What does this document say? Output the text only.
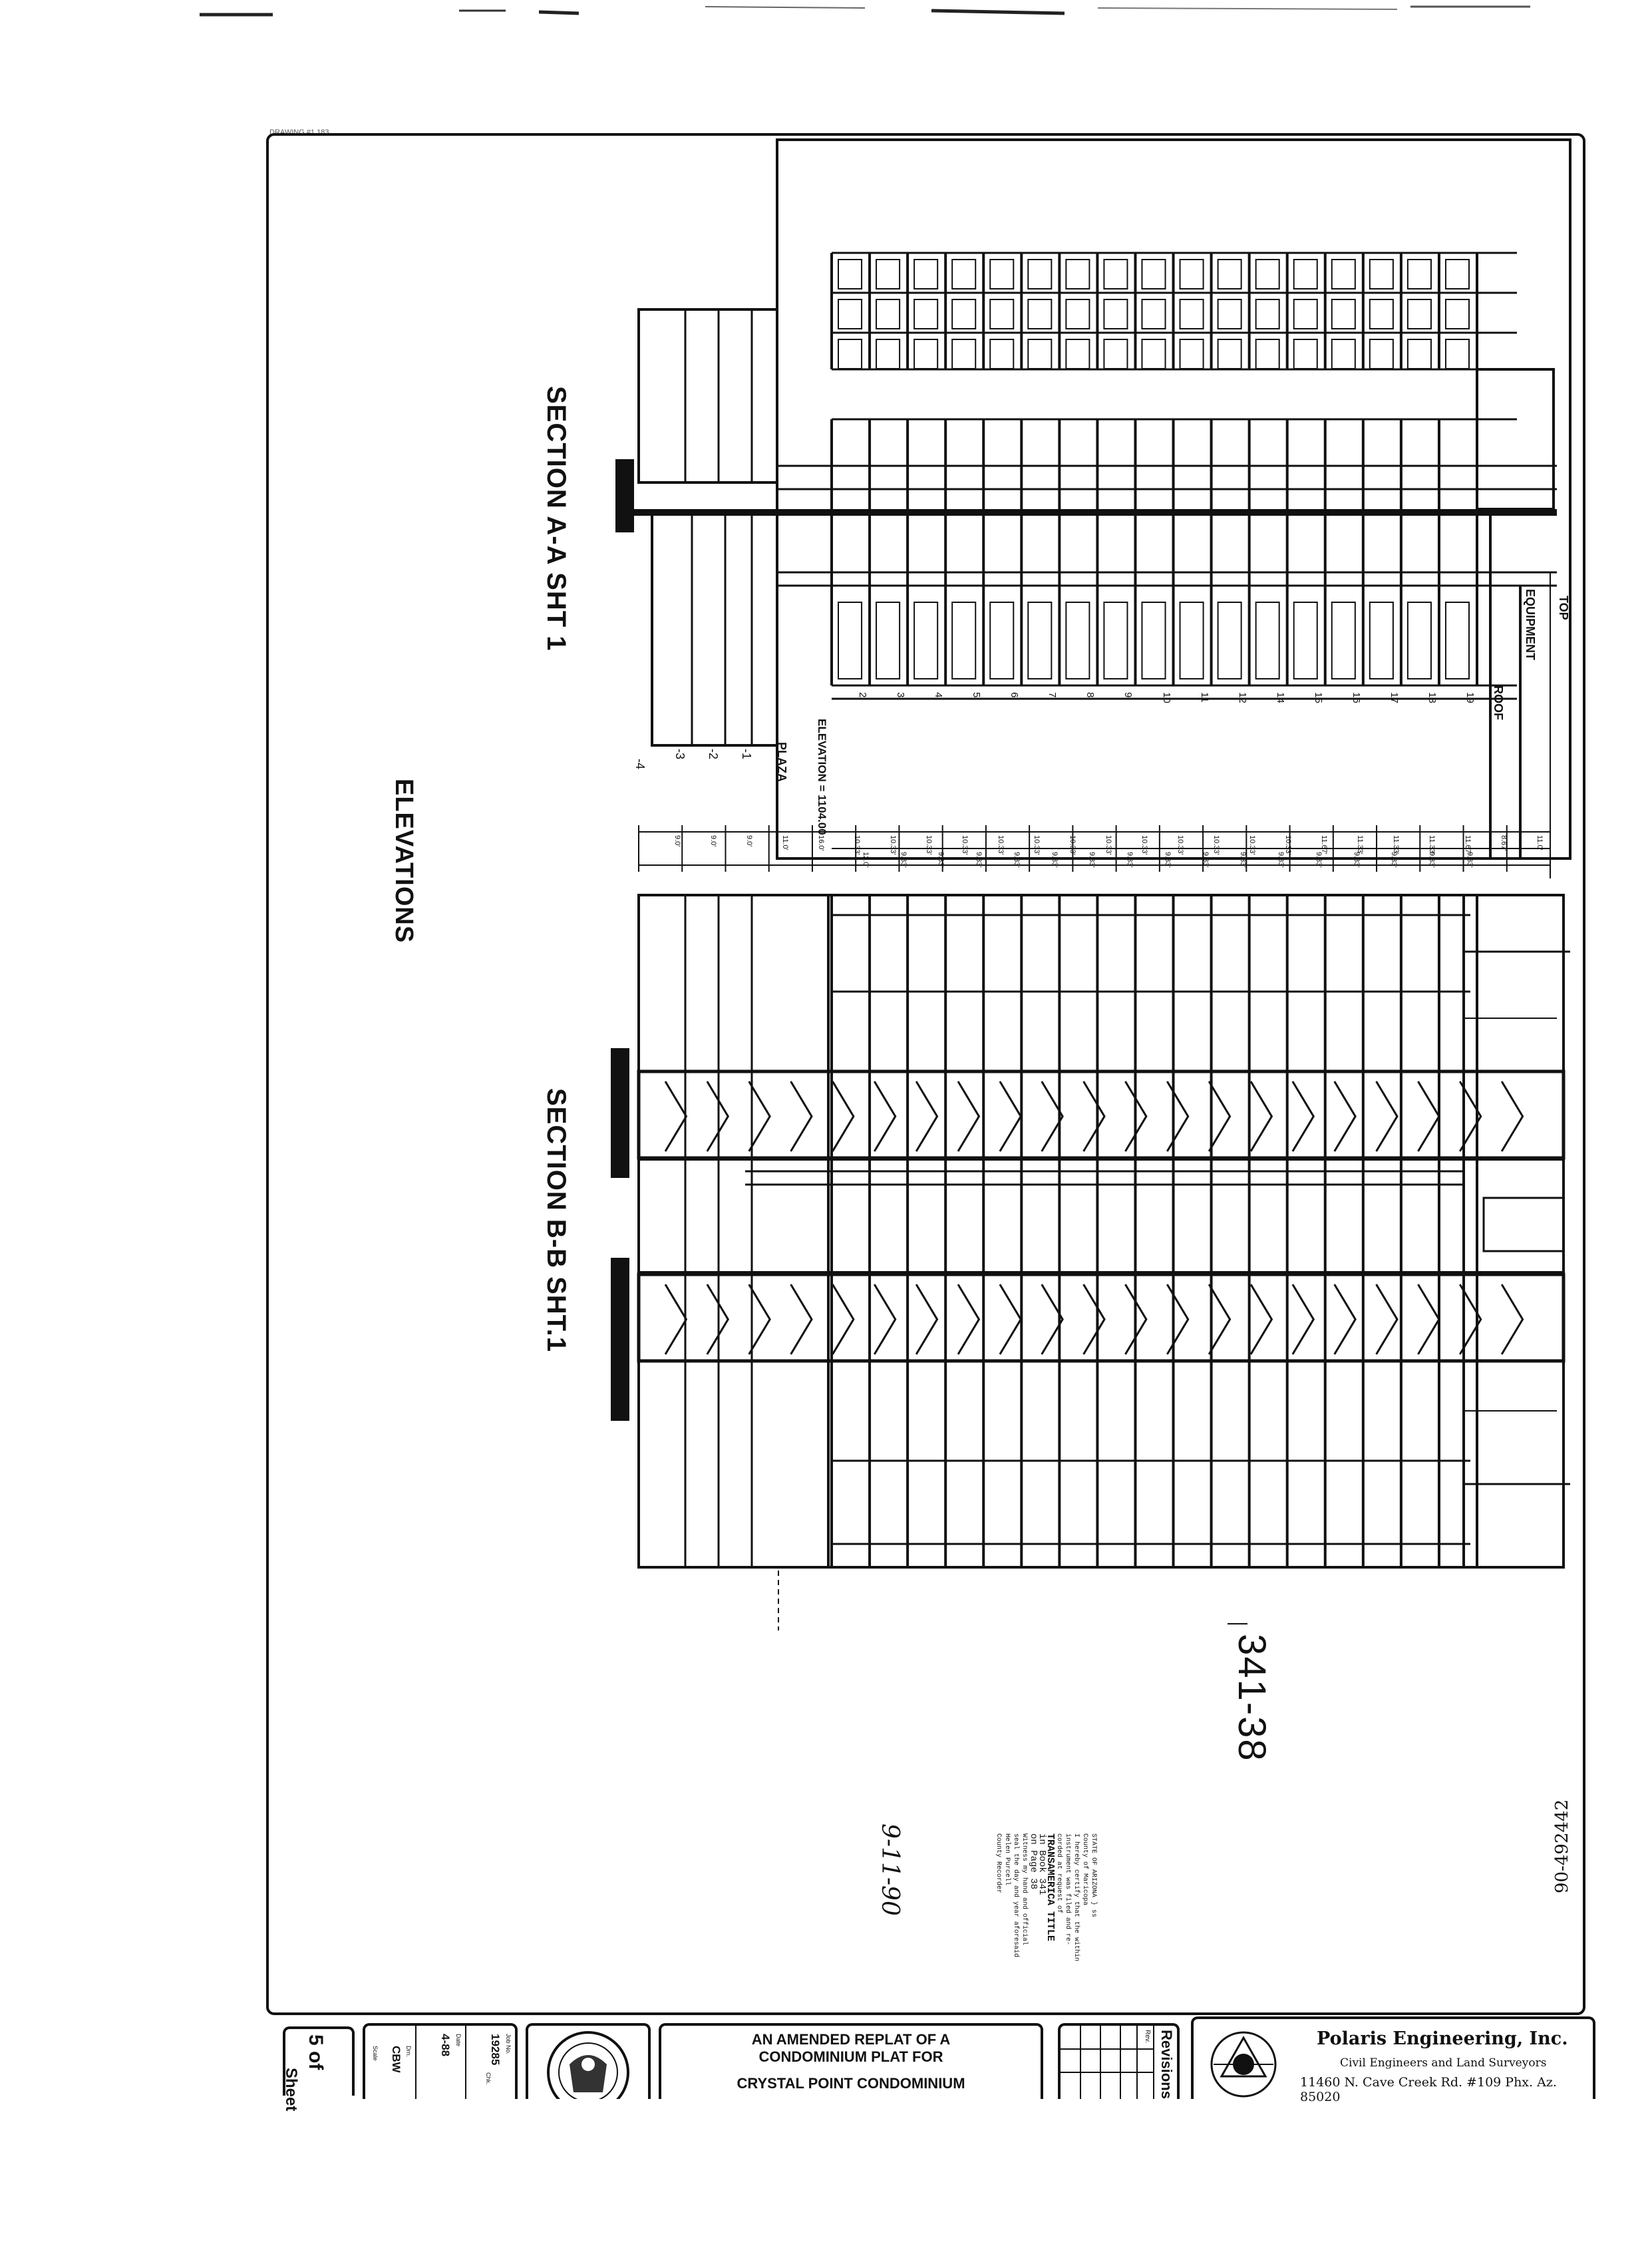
DRAWING #1 183
SECTION A-A SHT 1
ELEVATIONS
SECTION B-B SHT.1
2	3	4	5	6	7	8	9	10	11	12	14	15	16	17	18	19
11.0'
8.67'
11.67'
11.33'
11.33'
11.33'
11.67'
10.33'
10.33'
10.33'
10.33'
10.33'
10.33'
10.33'
10.33'
10.33'
10.33'
10.33'
10.33'
10.33'
16.0'
11.0'
9.0'
9.0'
9.0'
9.33'
9.33'
9.33'
9.33'
9.33'
9.33'
9.33'
9.33'
9.33'
9.33'
9.33'
9.33'
9.33'
9.33'
9.33'
9.33'
12.0'
TOP
EQUIPMENT
ROOF
PLAZA
-1
-2
-3
-4	ELEVATION = 1104.00
90-492442
341-38
STATE OF ARIZONA } ss
County of Maricopa
I hereby certify that the within
instrument was filed and re-
corded at request of
TRANSAMERICA TITLE
in Book 341
on Page 38
Witness my hand and official
seal the day and year aforesaid
Helen Purcell
County Recorder
9-11-90
5 of
Sheet
Job No.
19285
Date
4-88
Drn.
CBW
Scale
Chk.
AN AMENDED REPLAT OF A
CONDOMINIUM PLAT FOR
CRYSTAL POINT CONDOMINIUM	Revisions
Rev.	Polaris Engineering, Inc.
Civil Engineers and Land Surveyors
11460 N. Cave Creek Rd. #109 Phx. Az. 85020
